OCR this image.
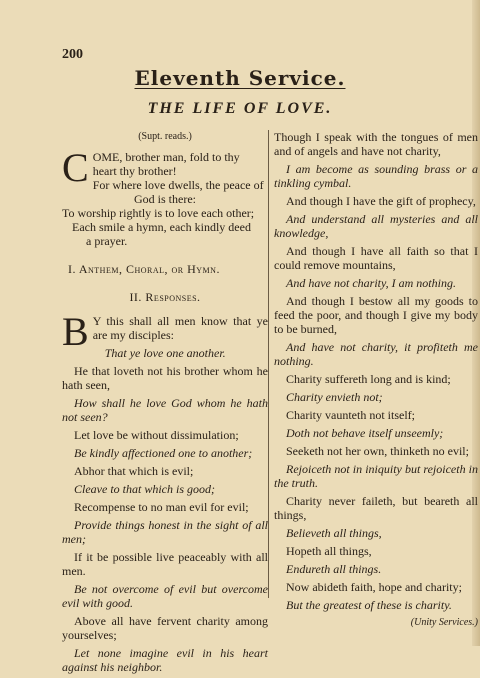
200
Eleventh Service.
THE LIFE OF LOVE.

(Supt. reads.)

C OME, brother man, fold to thy

heart thy brother!

For where love dwells, the peace of

God is there:

To worship rightly is to love each other;

Each smile a hymn, each kindly deed

a prayer.

I. Anthem, Choral, or Hymn.

II. Responses.

B Y this shall all men know that ye are my disciples:

That ye love one another.

He that loveth not his brother whom he hath seen,

How shall he love God whom he hath not seen?

Let love be without dissimulation;

Be kindly affectioned one to another;

Abhor that which is evil;

Cleave to that which is good;

Recompense to no man evil for evil;

Provide things honest in the sight of all men;

If it be possible live peaceably with all men.

Be not overcome of evil but overcome evil with good.

Above all have fervent charity among yourselves;

Let none imagine evil in his heart against his neighbor.

Though I speak with the tongues of men and of angels and have not charity,

I am become as sounding brass or a tinkling cymbal.

And though I have the gift of prophecy,

And understand all mysteries and all knowledge,

And though I have all faith so that I could remove mountains,

And have not charity, I am nothing.

And though I bestow all my goods to feed the poor, and though I give my body to be burned,

And have not charity, it profiteth me nothing.

Charity suffereth long and is kind;

Charity envieth not;

Charity vaunteth not itself;

Doth not behave itself unseemly;

Seeketh not her own, thinketh no evil;

Rejoiceth not in iniquity but rejoiceth in the truth.

Charity never faileth, but beareth all things,

Believeth all things,

Hopeth all things,

Endureth all things.

Now abideth faith, hope and charity;

But the greatest of these is charity.

(Unity Services.)
